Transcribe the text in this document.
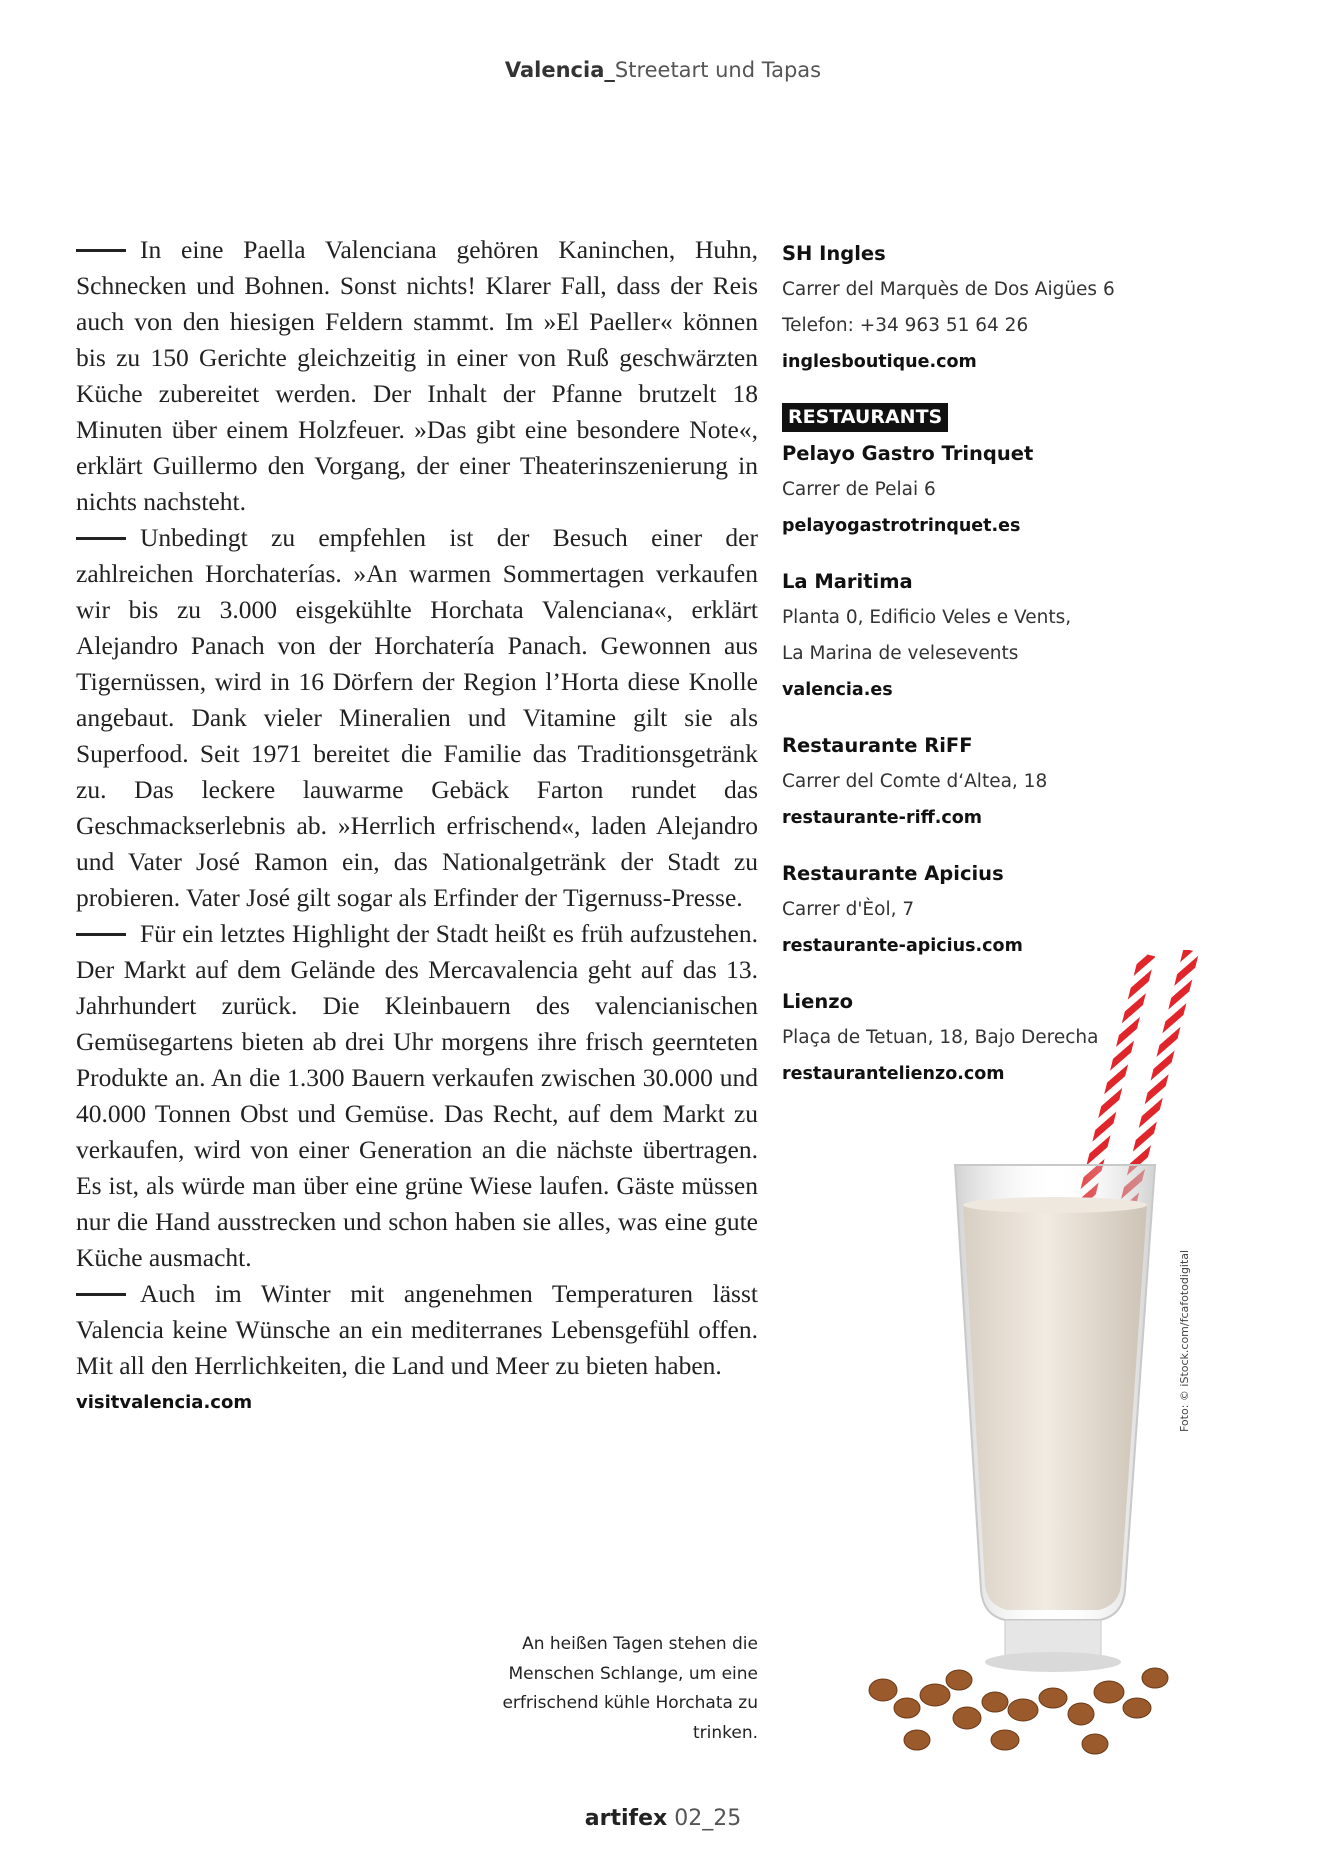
Valencia_Streetart und Tapas

In eine Paella Valenciana gehören Kaninchen, Huhn, Schnecken und Bohnen. Sonst nichts! Klarer Fall, dass der Reis auch von den hiesigen Feldern stammt. Im »El Paeller« können bis zu 150 Gerichte gleichzeitig in einer von Ruß geschwärzten Küche zubereitet werden. Der Inhalt der Pfanne brutzelt 18 Minuten über einem Holzfeuer. »Das gibt eine besondere Note«, erklärt Guillermo den Vorgang, der einer Theaterinszenierung in nichts nachsteht.

Unbedingt zu empfehlen ist der Besuch einer der zahlreichen Horchaterías. »An warmen Sommertagen verkaufen wir bis zu 3.000 eisgekühlte Horchata Valenciana«, erklärt Alejandro Panach von der Horchatería Panach. Gewonnen aus Tigernüssen, wird in 16 Dörfern der Region l’Horta diese Knolle angebaut. Dank vieler Mineralien und Vitamine gilt sie als Superfood. Seit 1971 bereitet die Familie das Traditionsgetränk zu. Das leckere lauwarme Gebäck Farton rundet das Geschmackserlebnis ab. »Herrlich erfrischend«, laden Alejandro und Vater José Ramon ein, das Nationalgetränk der Stadt zu probieren. Vater José gilt sogar als Erfinder der Tigernuss-Presse.

Für ein letztes Highlight der Stadt heißt es früh aufzustehen. Der Markt auf dem Gelände des Mercavalencia geht auf das 13. Jahrhundert zurück. Die Kleinbauern des valencianischen Gemüsegartens bieten ab drei Uhr morgens ihre frisch geernteten Produkte an. An die 1.300 Bauern verkaufen zwischen 30.000 und 40.000 Tonnen Obst und Gemüse. Das Recht, auf dem Markt zu verkaufen, wird von einer Generation an die nächste übertragen. Es ist, als würde man über eine grüne Wiese laufen. Gäste müssen nur die Hand ausstrecken und schon haben sie alles, was eine gute Küche ausmacht.

Auch im Winter mit angenehmen Temperaturen lässt Valencia keine Wünsche an ein mediterranes Lebensgefühl offen. Mit all den Herrlichkeiten, die Land und Meer zu bieten haben.

visitvalencia.com
SH Ingles
Carrer del Marquès de Dos Aigües 6
Telefon: +34 963 51 64 26
inglesboutique.com
RESTAURANTS
Pelayo Gastro Trinquet
Carrer de Pelai 6
pelayogastrotrinquet.es
La Maritima
Planta 0, Edificio Veles e Vents,
La Marina de velesevents
valencia.es
Restaurante RiFF
Carrer del Comte d‘Altea, 18
restaurante-riff.com
Restaurante Apicius
Carrer d'Èol, 7
restaurante-apicius.com
Lienzo
Plaça de Tetuan, 18, Bajo Derecha
restaurantelienzo.com
Foto: © iStock.com/fcafotodigital
An heißen Tagen stehen die Menschen Schlange, um eine erfrischend kühle Horchata zu trinken.
artifex 02_25
